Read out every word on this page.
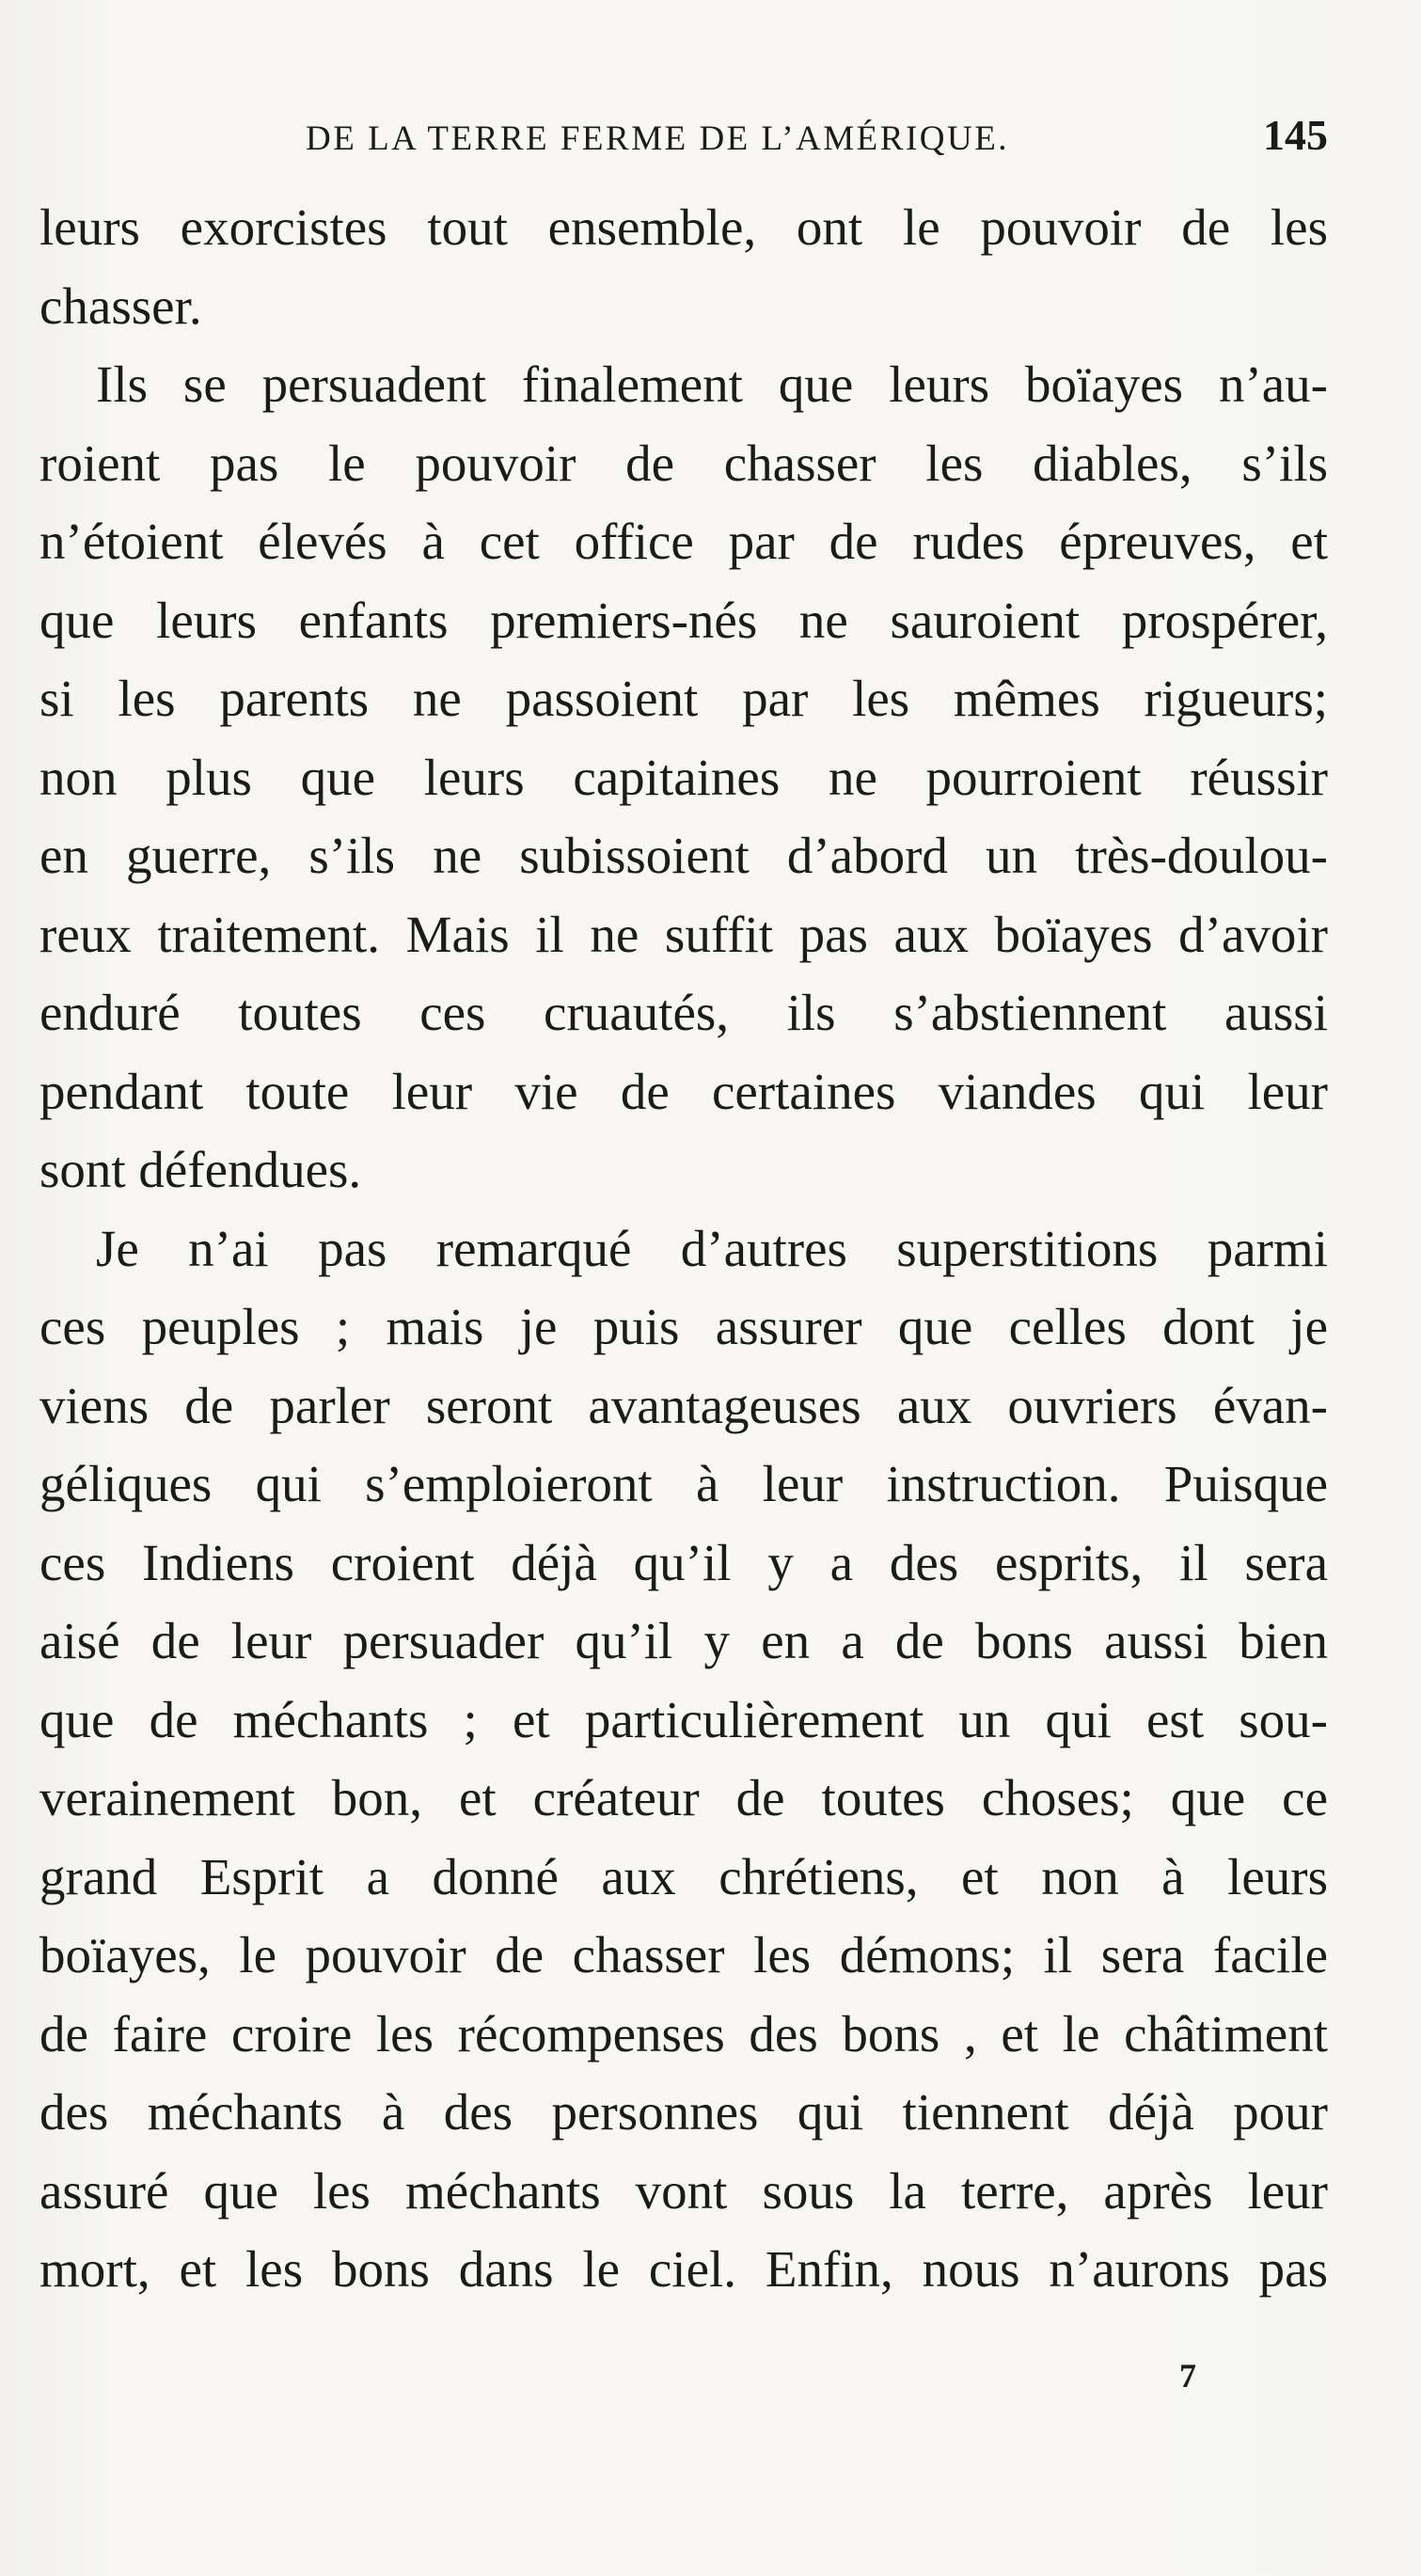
DE LA TERRE FERME DE L’AMÉRIQUE.	145
leurs exorcistes tout ensemble, ont le pouvoir de les
chasser.
Ils se persuadent finalement que leurs boïayes n’au-
roient pas le pouvoir de chasser les diables, s’ils
n’étoient élevés à cet office par de rudes épreuves, et
que leurs enfants premiers-nés ne sauroient prospérer,
si les parents ne passoient par les mêmes rigueurs;
non plus que leurs capitaines ne pourroient réussir
en guerre, s’ils ne subissoient d’abord un très-doulou-
reux traitement. Mais il ne suffit pas aux boïayes d’avoir
enduré toutes ces cruautés, ils s’abstiennent aussi
pendant toute leur vie de certaines viandes qui leur
sont défendues.
Je n’ai pas remarqué d’autres superstitions parmi
ces peuples ; mais je puis assurer que celles dont je
viens de parler seront avantageuses aux ouvriers évan-
géliques qui s’emploieront à leur instruction. Puisque
ces Indiens croient déjà qu’il y a des esprits, il sera
aisé de leur persuader qu’il y en a de bons aussi bien
que de méchants ; et particulièrement un qui est sou-
verainement bon, et créateur de toutes choses; que ce
grand Esprit a donné aux chrétiens, et non à leurs
boïayes, le pouvoir de chasser les démons; il sera facile
de faire croire les récompenses des bons , et le châtiment
des méchants à des personnes qui tiennent déjà pour
assuré que les méchants vont sous la terre, après leur
mort, et les bons dans le ciel. Enfin, nous n’aurons pas
7
